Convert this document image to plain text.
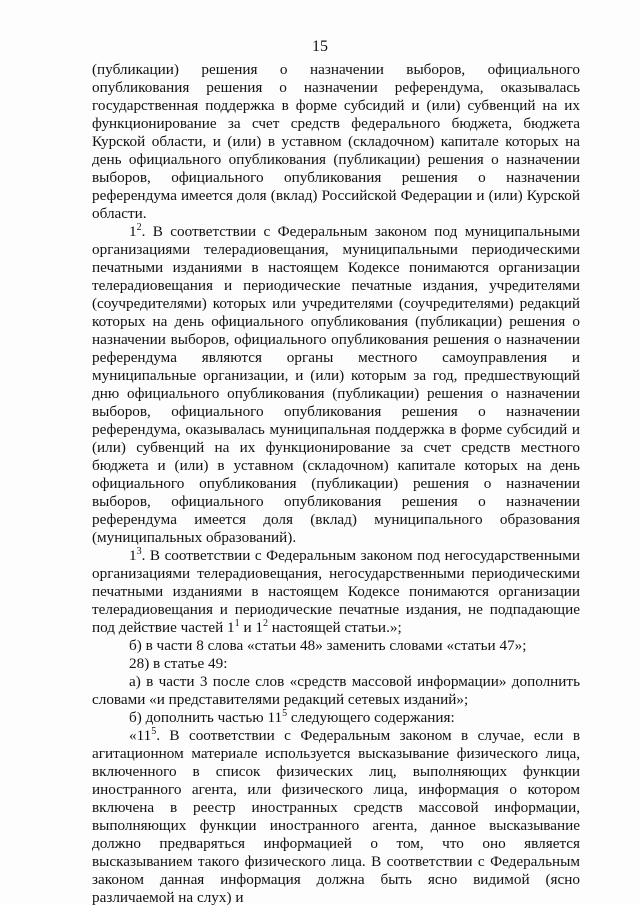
15

(публикации) решения о назначении выборов, официального опубликования решения о назначении референдума, оказывалась государственная поддержка в форме субсидий и (или) субвенций на их функционирование за счет средств федерального бюджета, бюджета Курской области, и (или) в уставном (складочном) капитале которых на день официального опубликования (публикации) решения о назначении выборов, официального опубликования решения о назначении референдума имеется доля (вклад) Российской Федерации и (или) Курской области.

$1^2$. В соответствии с Федеральным законом под муниципальными организациями телерадиовещания, муниципальными периодическими печатными изданиями в настоящем Кодексе понимаются организации телерадиовещания и периодические печатные издания, учредителями (соучредителями) которых или учредителями (соучредителями) редакций которых на день официального опубликования (публикации) решения о назначении выборов, официального опубликования решения о назначении референдума являются органы местного самоуправления и муниципальные организации, и (или) которым за год, предшествующий дню официального опубликования (публикации) решения о назначении выборов, официального опубликования решения о назначении референдума, оказывалась муниципальная поддержка в форме субсидий и (или) субвенций на их функционирование за счет средств местного бюджета и (или) в уставном (складочном) капитале которых на день официального опубликования (публикации) решения о назначении выборов, официального опубликования решения о назначении референдума имеется доля (вклад) муниципального образования (муниципальных образований).

$1^3$. В соответствии с Федеральным законом под негосударственными организациями телерадиовещания, негосударственными периодическими печатными изданиями в настоящем Кодексе понимаются организации телерадиовещания и периодические печатные издания, не подпадающие под действие частей $1^1$ и $1^2$ настоящей статьи.»;

б) в части 8 слова «статьи 48» заменить словами «статьи 47»;

28) в статье 49:

а) в части 3 после слов «средств массовой информации» дополнить словами «и представителями редакций сетевых изданий»;

б) дополнить частью $11^5$ следующего содержания:

«$11^5$. В соответствии с Федеральным законом в случае, если в агитационном материале используется высказывание физического лица, включенного в список физических лиц, выполняющих функции иностранного агента, или физического лица, информация о котором включена в реестр иностранных средств массовой информации, выполняющих функции иностранного агента, данное высказывание должно предваряться информацией о том, что оно является высказыванием такого физического лица. В соответствии с Федеральным законом данная информация должна быть ясно видимой (ясно различаемой на слух) и
